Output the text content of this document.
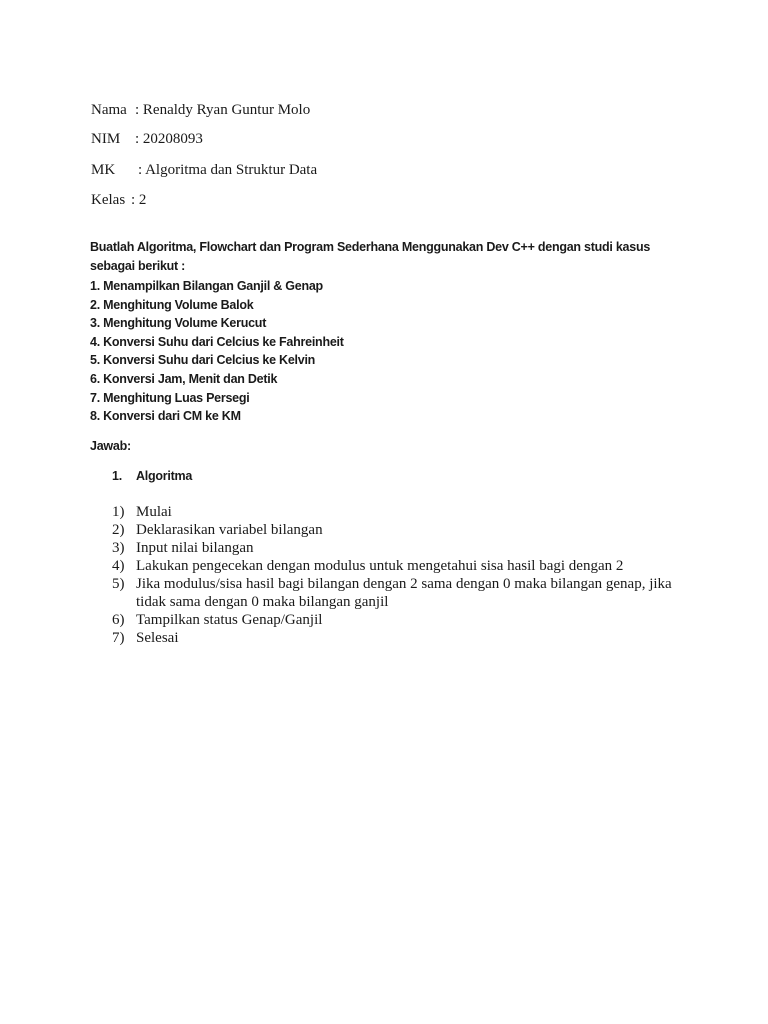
Nama : Renaldy Ryan Guntur Molo
NIM : 20208093
MK : Algoritma dan Struktur Data
Kelas : 2
Buatlah Algoritma, Flowchart dan Program Sederhana Menggunakan Dev C++ dengan studi kasus sebagai berikut :
1. Menampilkan Bilangan Ganjil & Genap
2. Menghitung Volume Balok
3. Menghitung Volume Kerucut
4. Konversi Suhu dari Celcius ke Fahreinheit
5. Konversi Suhu dari Celcius ke Kelvin
6. Konversi Jam, Menit dan Detik
7. Menghitung Luas Persegi
8. Konversi dari CM ke KM
Jawab:
1. Algoritma
1) Mulai
2) Deklarasikan variabel bilangan
3) Input nilai bilangan
4) Lakukan pengecekan dengan modulus untuk mengetahui sisa hasil bagi dengan 2
5) Jika modulus/sisa hasil bagi bilangan dengan 2 sama dengan 0 maka bilangan genap, jika tidak sama dengan 0 maka bilangan ganjil
6) Tampilkan status Genap/Ganjil
7) Selesai
